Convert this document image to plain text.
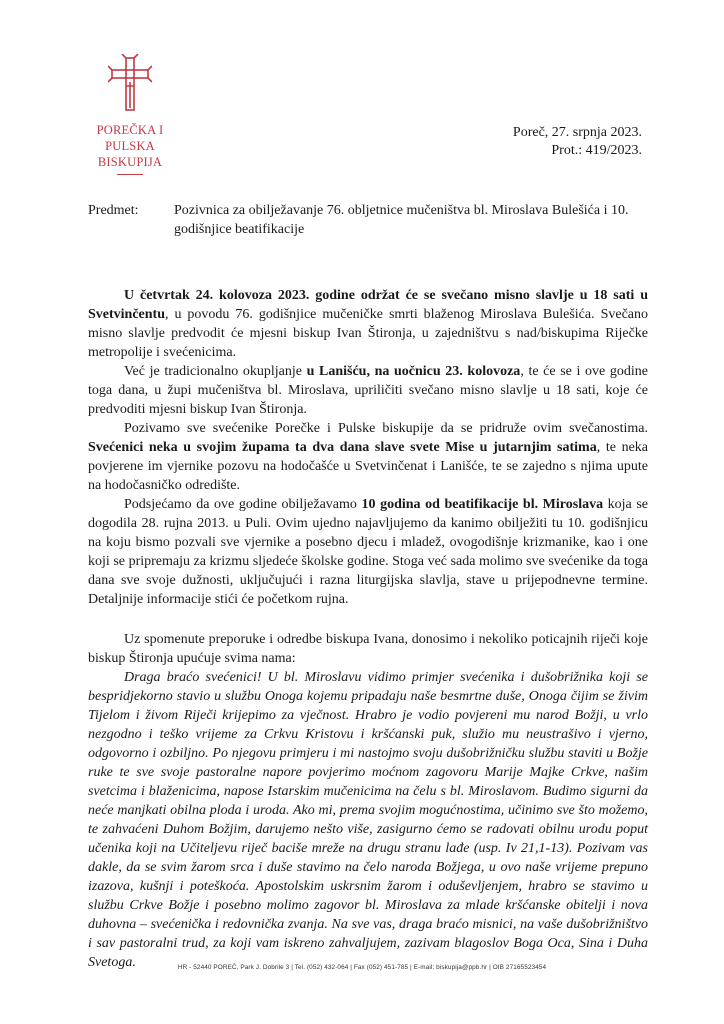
POREČKA I PULSKA
BISKUPIJA
Poreč, 27. srpnja 2023.
Prot.: 419/2023.
Predmet:	Pozivnica za obilježavanje 76. obljetnice mučeništva bl. Miroslava Bulešića i 10. godišnjice beatifikacije

U četvrtak 24. kolovoza 2023. godine održat će se svečano misno slavlje u 18 sati u Svetvinčentu, u povodu 76. godišnjice mučeničke smrti blaženog Miroslava Bulešića. Svečano misno slavlje predvodit će mjesni biskup Ivan Štironja, u zajedništvu s nad/biskupima Riječke metropolije i svećenicima.

Već je tradicionalno okupljanje u Lanišću, na uočnicu 23. kolovoza, te će se i ove godine toga dana, u župi mučeništva bl. Miroslava, upriličiti svečano misno slavlje u 18 sati, koje će predvoditi mjesni biskup Ivan Štironja.

Pozivamo sve svećenike Porečke i Pulske biskupije da se pridruže ovim svečanostima. Svećenici neka u svojim župama ta dva dana slave svete Mise u jutarnjim satima, te neka povjerene im vjernike pozovu na hodočašće u Svetvinčenat i Lanišće, te se zajedno s njima upute na hodočasničko odredište.

Podsjećamo da ove godine obilježavamo 10 godina od beatifikacije bl. Miroslava koja se dogodila 28. rujna 2013. u Puli. Ovim ujedno najavljujemo da kanimo obilježiti tu 10. godišnjicu na koju bismo pozvali sve vjernike a posebno djecu i mladež, ovogodišnje krizmanike, kao i one koji se pripremaju za krizmu sljedeće školske godine. Stoga već sada molimo sve svećenike da toga dana sve svoje dužnosti, uključujući i razna liturgijska slavlja, stave u prijepodnevne termine. Detaljnije informacije stići će početkom rujna.

Uz spomenute preporuke i odredbe biskupa Ivana, donosimo i nekoliko poticajnih riječi koje biskup Štironja upućuje svima nama:

Draga braćo svećenici! U bl. Miroslavu vidimo primjer svećenika i dušobrižnika koji se bespridjekorno stavio u službu Onoga kojemu pripadaju naše besmrtne duše, Onoga čijim se živim Tijelom i živom Riječi krijepimo za vječnost. Hrabro je vodio povjereni mu narod Božji, u vrlo nezgodno i teško vrijeme za Crkvu Kristovu i kršćanski puk, služio mu neustrašivo i vjerno, odgovorno i ozbiljno. Po njegovu primjeru i mi nastojmo svoju dušobrižničku službu staviti u Božje ruke te sve svoje pastoralne napore povjerimo moćnom zagovoru Marije Majke Crkve, našim svetcima i blaženicima, napose Istarskim mučenicima na čelu s bl. Miroslavom. Budimo sigurni da neće manjkati obilna ploda i uroda. Ako mi, prema svojim mogućnostima, učinimo sve što možemo, te zahvaćeni Duhom Božjim, darujemo nešto više, zasigurno ćemo se radovati obilnu urodu poput učenika koji na Učiteljevu riječ baciše mreže na drugu stranu lađe (usp. Iv 21,1-13). Pozivam vas dakle, da se svim žarom srca i duše stavimo na čelo naroda Božjega, u ovo naše vrijeme prepuno izazova, kušnji i poteškoća. Apostolskim uskrsnim žarom i oduševljenjem, hrabro se stavimo u službu Crkve Božje i posebno molimo zagovor bl. Miroslava za mlade kršćanske obitelji i nova duhovna – svećenička i redovnička zvanja. Na sve vas, draga braćo misnici, na vaše dušobrižništvo i sav pastoralni trud, za koji vam iskreno zahvaljujem, zazivam blagoslov Boga Oca, Sina i Duha Svetoga.	HR - 52440 POREČ, Park J. Dobrile 3 | Tel. (052) 432-064 | Fax (052) 451-785 | E-mail: biskupija@ppb.hr | OIB 27165523454
